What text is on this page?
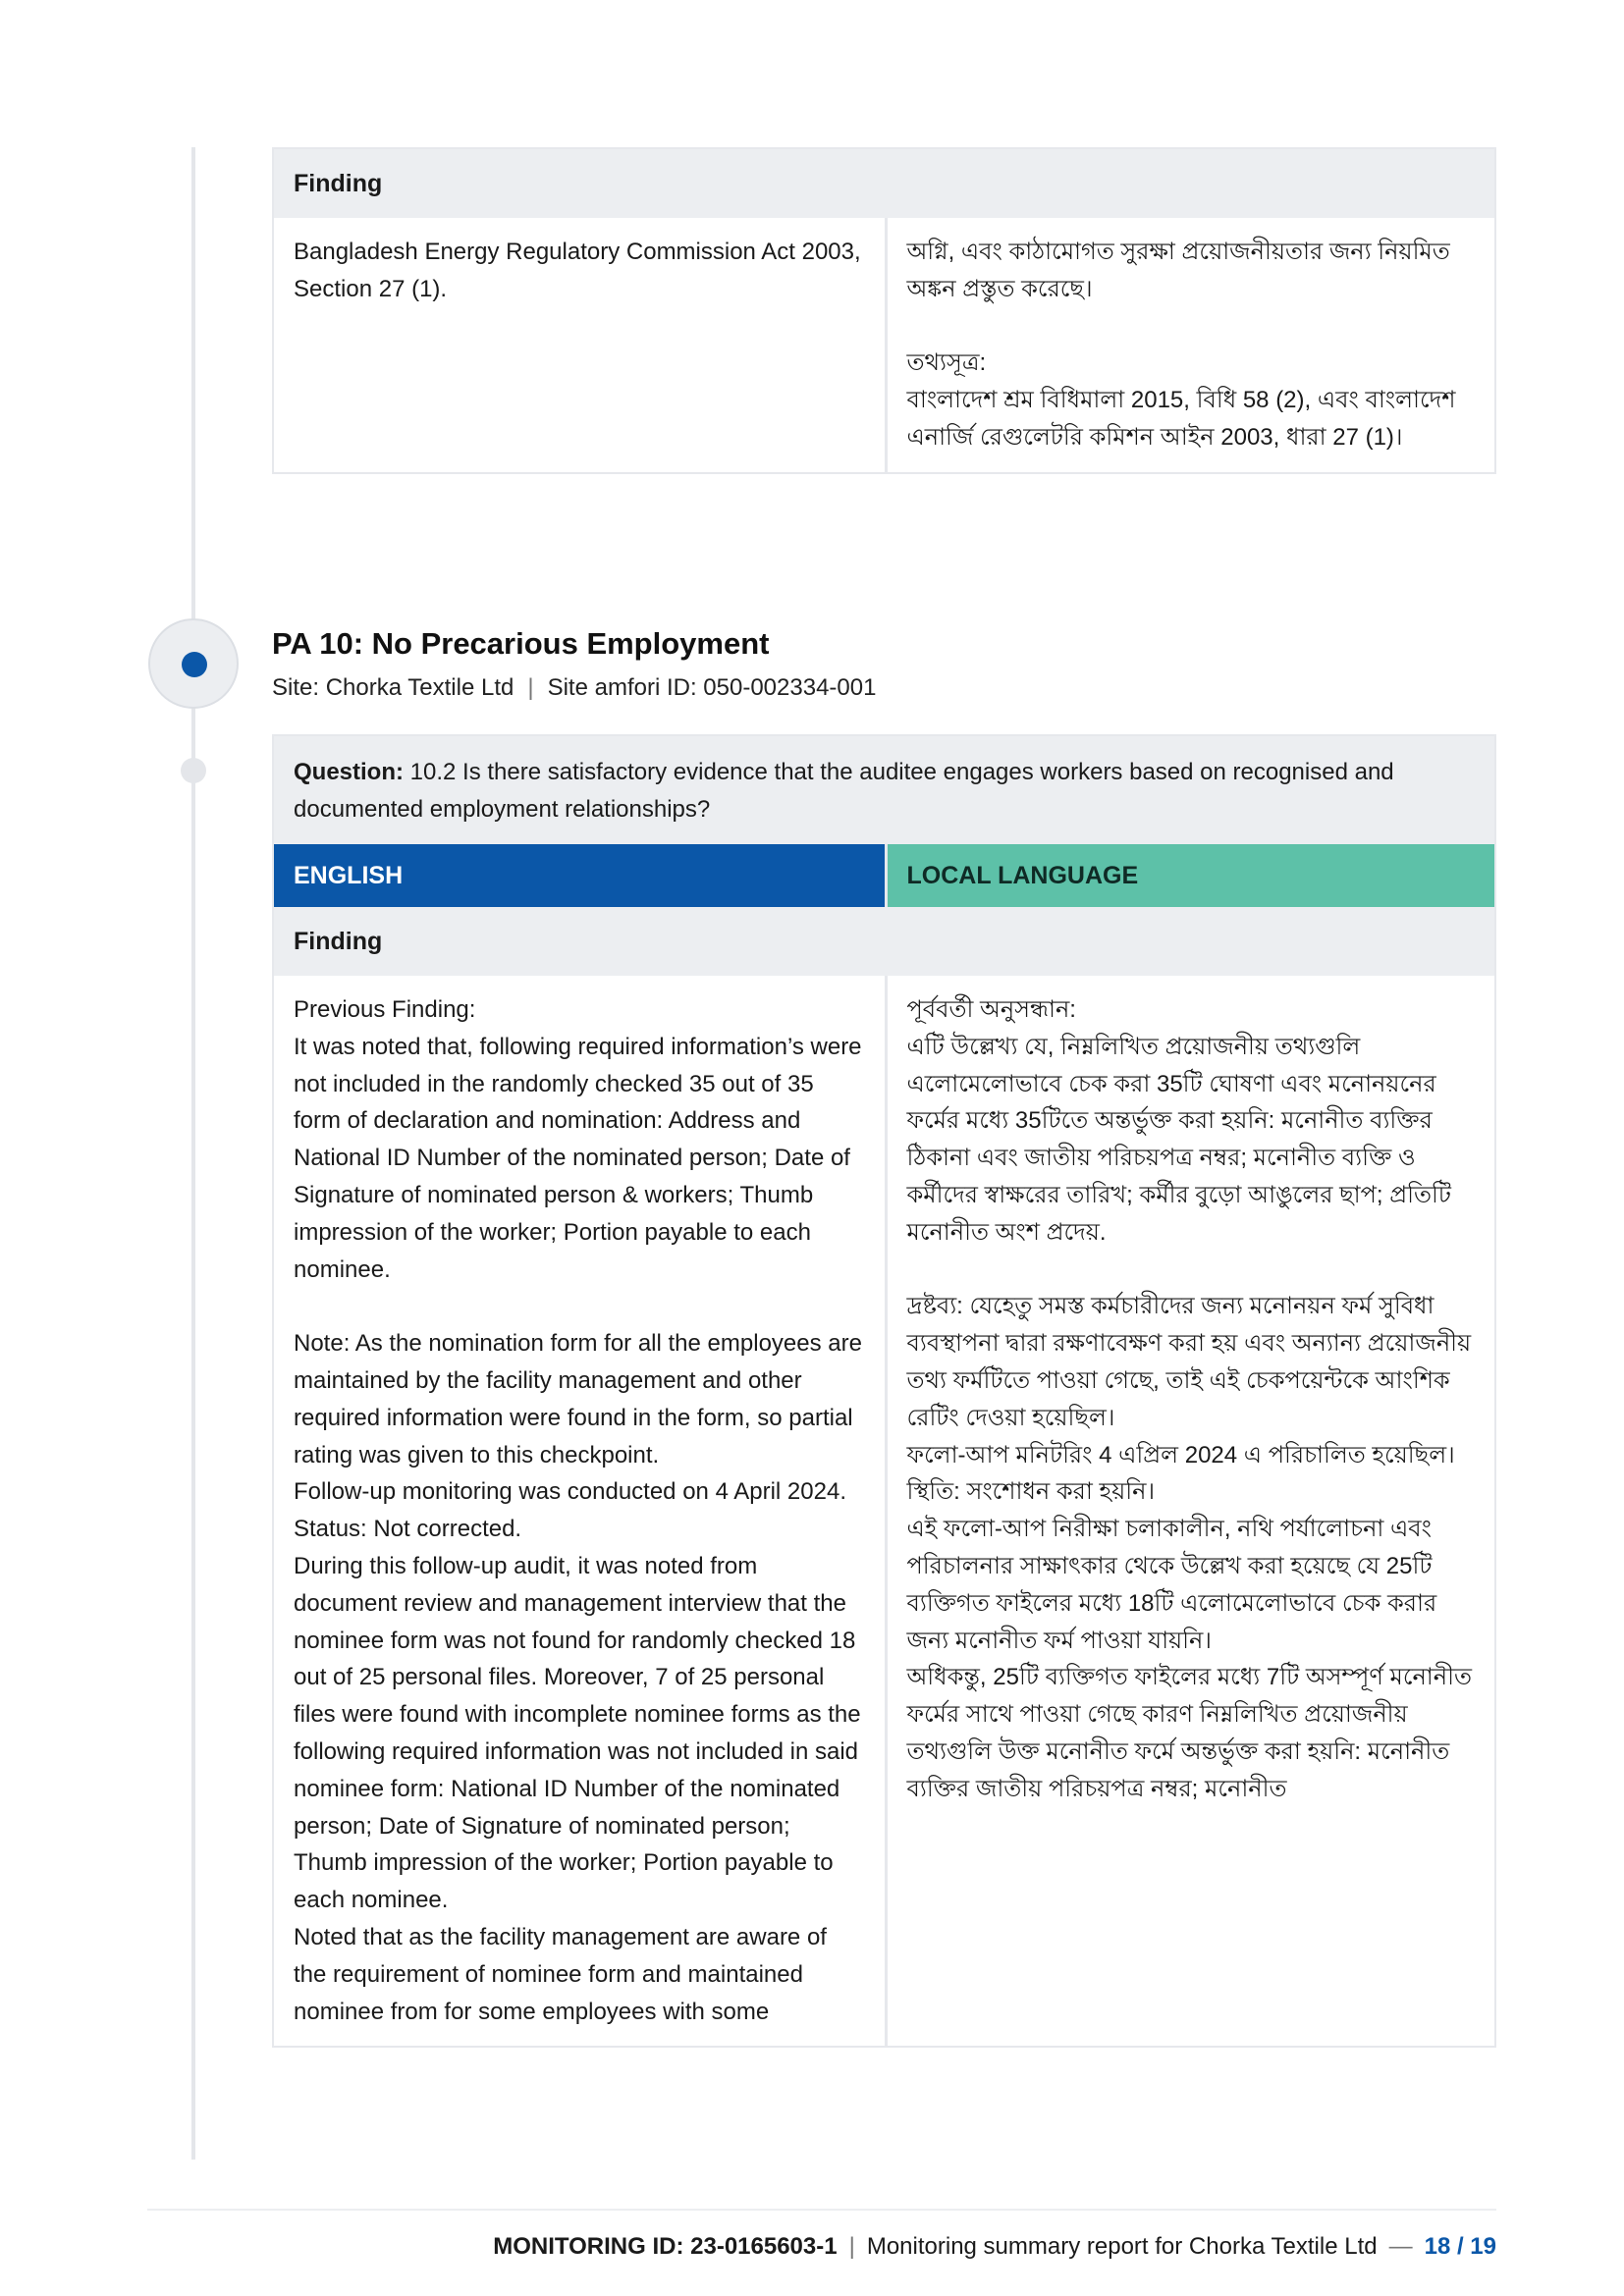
Finding
Bangladesh Energy Regulatory Commission Act 2003, Section 27 (1).
অগ্নি, এবং কাঠামোগত সুরক্ষা প্রয়োজনীয়তার জন্য নিয়মিত অঙ্কন প্রস্তুত করেছে।

তথ্যসূত্র:
বাংলাদেশ শ্রম বিধিমালা 2015, বিধি 58 (2), এবং বাংলাদেশ এনার্জি রেগুলেটরি কমিশন আইন 2003, ধারা 27 (1)।
PA 10: No Precarious Employment
Site: Chorka Textile Ltd | Site amfori ID: 050-002334-001
Question: 10.2 Is there satisfactory evidence that the auditee engages workers based on recognised and documented employment relationships?
ENGLISH	LOCAL LANGUAGE
Finding
Previous Finding:
It was noted that, following required information’s were not included in the randomly checked 35 out of 35 form of declaration and nomination: Address and National ID Number of the nominated person; Date of Signature of nominated person & workers; Thumb impression of the worker; Portion payable to each nominee.

Note: As the nomination form for all the employees are maintained by the facility management and other required information were found in the form, so partial rating was given to this checkpoint.
Follow-up monitoring was conducted on 4 April 2024.
Status: Not corrected.
During this follow-up audit, it was noted from document review and management interview that the nominee form was not found for randomly checked 18 out of 25 personal files. Moreover, 7 of 25 personal files were found with incomplete nominee forms as the following required information was not included in said nominee form: National ID Number of the nominated person; Date of Signature of nominated person; Thumb impression of the worker; Portion payable to each nominee.
Noted that as the facility management are aware of the requirement of nominee form and maintained nominee from for some employees with some
পূর্ববর্তী অনুসন্ধান:
এটি উল্লেখ্য যে, নিম্নলিখিত প্রয়োজনীয় তথ্যগুলি এলোমেলোভাবে চেক করা 35টি ঘোষণা এবং মনোনয়নের ফর্মের মধ্যে 35টিতে অন্তর্ভুক্ত করা হয়নি: মনোনীত ব্যক্তির ঠিকানা এবং জাতীয় পরিচয়পত্র নম্বর; মনোনীত ব্যক্তি ও কর্মীদের স্বাক্ষরের তারিখ; কর্মীর বুড়ো আঙুলের ছাপ; প্রতিটি মনোনীত অংশ প্রদেয়.

দ্রষ্টব্য: যেহেতু সমস্ত কর্মচারীদের জন্য মনোনয়ন ফর্ম সুবিধা ব্যবস্থাপনা দ্বারা রক্ষণাবেক্ষণ করা হয় এবং অন্যান্য প্রয়োজনীয় তথ্য ফর্মটিতে পাওয়া গেছে, তাই এই চেকপয়েন্টকে আংশিক রেটিং দেওয়া হয়েছিল।
ফলো-আপ মনিটরিং 4 এপ্রিল 2024 এ পরিচালিত হয়েছিল।
স্থিতি: সংশোধন করা হয়নি।
এই ফলো-আপ নিরীক্ষা চলাকালীন, নথি পর্যালোচনা এবং পরিচালনার সাক্ষাৎকার থেকে উল্লেখ করা হয়েছে যে 25টি ব্যক্তিগত ফাইলের মধ্যে 18টি এলোমেলোভাবে চেক করার জন্য মনোনীত ফর্ম পাওয়া যায়নি।
অধিকন্তু, 25টি ব্যক্তিগত ফাইলের মধ্যে 7টি অসম্পূর্ণ মনোনীত ফর্মের সাথে পাওয়া গেছে কারণ নিম্নলিখিত প্রয়োজনীয় তথ্যগুলি উক্ত মনোনীত ফর্মে অন্তর্ভুক্ত করা হয়নি: মনোনীত ব্যক্তির জাতীয় পরিচয়পত্র নম্বর; মনোনীত
MONITORING ID: 23-0165603-1 | Monitoring summary report for Chorka Textile Ltd — 18 / 19
